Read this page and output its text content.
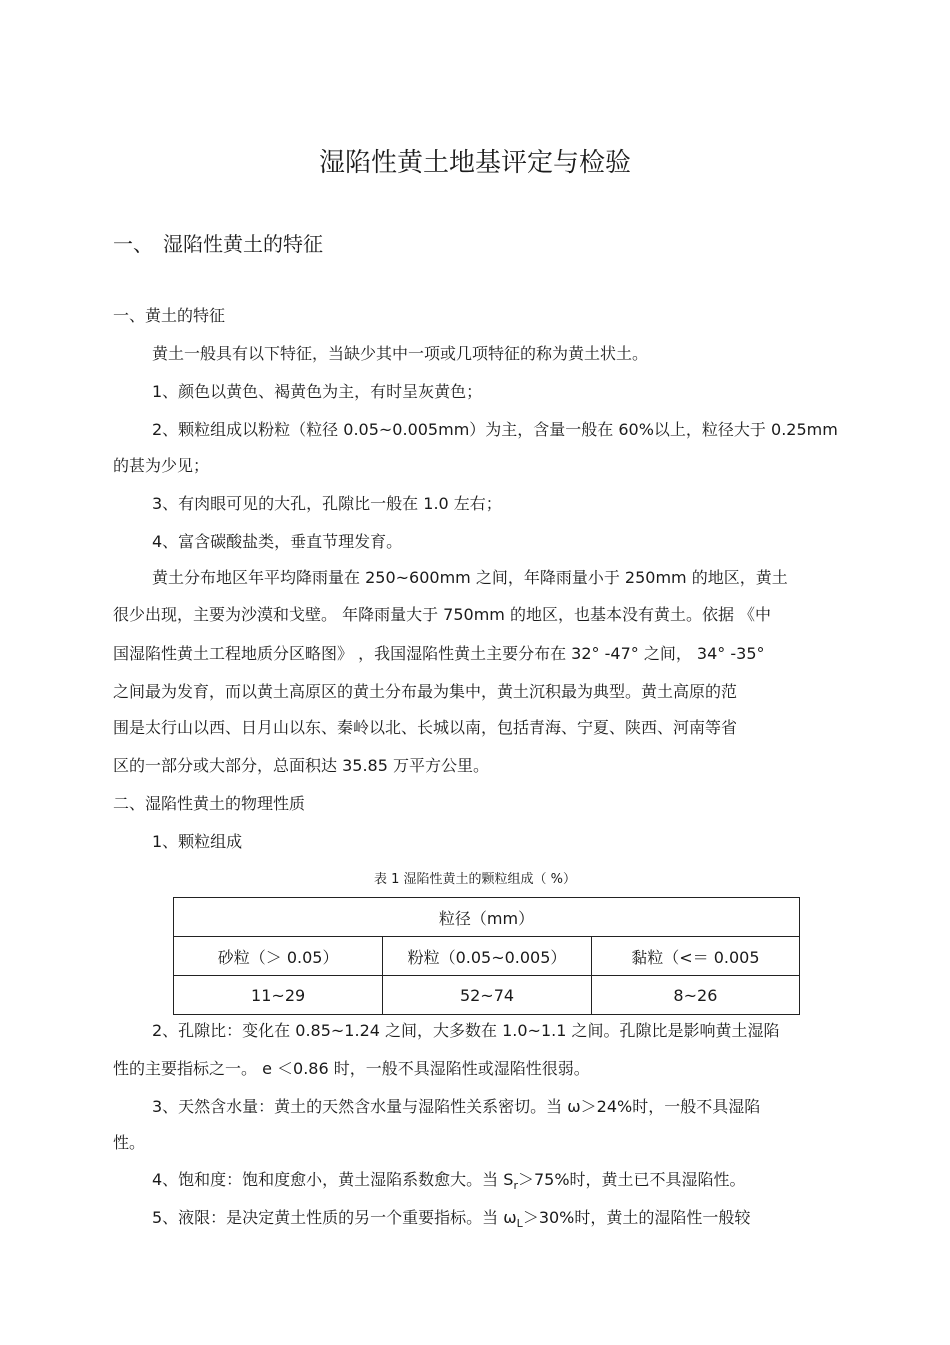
湿陷性黄土地基评定与检验
一、 湿陷性黄土的特征
一、黄土的特征
黄土一般具有以下特征，当缺少其中一项或几项特征的称为黄土状土。
1、颜色以黄色、褐黄色为主，有时呈灰黄色；
2、颗粒组成以粉粒（粒径 0.05~0.005mm）为主，含量一般在 60%以上，粒径大于 0.25mm
的甚为少见；
3、有肉眼可见的大孔，孔隙比一般在 1.0 左右；
4、富含碳酸盐类，垂直节理发育。
黄土分布地区年平均降雨量在 250~600mm 之间，年降雨量小于 250mm 的地区，黄土
很少出现，主要为沙漠和戈壁。 年降雨量大于 750mm 的地区，也基本没有黄土。依据 《中
国湿陷性黄土工程地质分区略图》 ，我国湿陷性黄土主要分布在 32° -47° 之间， 34° -35°
之间最为发育，而以黄土高原区的黄土分布最为集中，黄土沉积最为典型。黄土高原的范
围是太行山以西、日月山以东、秦岭以北、长城以南，包括青海、宁夏、陕西、河南等省
区的一部分或大部分，总面积达 35.85 万平方公里。
二、湿陷性黄土的物理性质
1、颗粒组成
表 1 湿陷性黄土的颗粒组成（ %）
粒径（mm）		
砂粒（＞ 0.05）	粉粒（0.05~0.005）	黏粒（<＝ 0.005
11~29	52~74	8~26
2、孔隙比：变化在 0.85~1.24 之间，大多数在 1.0~1.1 之间。孔隙比是影响黄土湿陷
性的主要指标之一。 e ＜0.86 时，一般不具湿陷性或湿陷性很弱。
3、天然含水量：黄土的天然含水量与湿陷性关系密切。当 ω＞24%时，一般不具湿陷
性。
4、饱和度：饱和度愈小，黄土湿陷系数愈大。当 $S_r>75\%$时，黄土已不具湿陷性。
5、液限：是决定黄土性质的另一个重要指标。当 $\omega_L>30\%$时，黄土的湿陷性一般较
